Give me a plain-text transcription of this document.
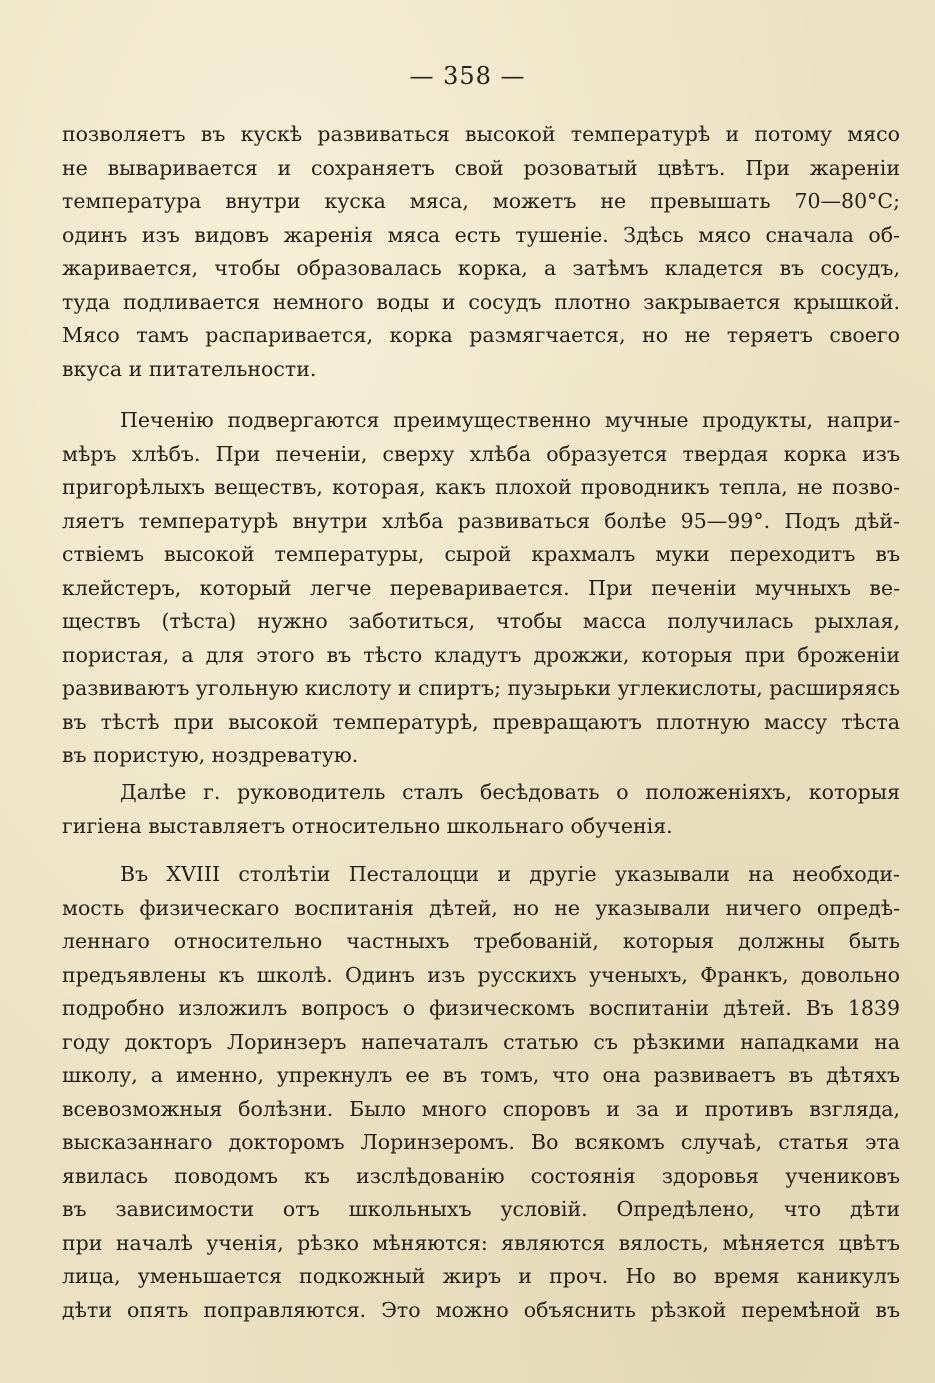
— 358 —
позволяетъ въ кускѣ развиваться высокой температурѣ и потому мясо
не вываривается и сохраняетъ свой розоватый цвѣтъ. При жареніи
температура внутри куска мяса, можетъ не превышать 70—80°С;
одинъ изъ видовъ жаренія мяса есть тушеніе. Здѣсь мясо сначала об-
жаривается, чтобы образовалась корка, а затѣмъ кладется въ сосудъ,
туда подливается немного воды и сосудъ плотно закрывается крышкой.
Мясо тамъ распаривается, корка размягчается, но не теряетъ своего
вкуса и питательности.
Печенію подвергаются преимущественно мучные продукты, напри-
мѣръ хлѣбъ. При печеніи, сверху хлѣба образуется твердая корка изъ
пригорѣлыхъ веществъ, которая, какъ плохой проводникъ тепла, не позво-
ляетъ температурѣ внутри хлѣба развиваться болѣе 95—99°. Подъ дѣй-
ствіемъ высокой температуры, сырой крахмалъ муки переходитъ въ
клейстеръ, который легче переваривается. При печеніи мучныхъ ве-
ществъ (тѣста) нужно заботиться, чтобы масса получилась рыхлая,
пористая, а для этого въ тѣсто кладутъ дрожжи, которыя при броженіи
развиваютъ угольную кислоту и спиртъ; пузырьки углекислоты, расширяясь
въ тѣстѣ при высокой температурѣ, превращаютъ плотную массу тѣста
въ пористую, ноздреватую.
Далѣе г. руководитель сталъ бесѣдовать о положеніяхъ, которыя
гигіена выставляетъ относительно школьнаго обученія.
Въ XVIII столѣтіи Песталоцци и другіе указывали на необходи-
мость физическаго воспитанія дѣтей, но не указывали ничего опредѣ-
леннаго относительно частныхъ требованій, которыя должны быть
предъявлены къ школѣ. Одинъ изъ русскихъ ученыхъ, Франкъ, довольно
подробно изложилъ вопросъ о физическомъ воспитаніи дѣтей. Въ 1839
году докторъ Лоринзеръ напечаталъ статью съ рѣзкими нападками на
школу, а именно, упрекнулъ ее въ томъ, что она развиваетъ въ дѣтяхъ
всевозможныя болѣзни. Было много споровъ и за и противъ взгляда,
высказаннаго докторомъ Лоринзеромъ. Во всякомъ случаѣ, статья эта
явилась поводомъ къ изслѣдованію состоянія здоровья учениковъ
въ зависимости отъ школьныхъ условій. Опредѣлено, что дѣти
при началѣ ученія, рѣзко мѣняются: являются вялость, мѣняется цвѣтъ
лица, уменьшается подкожный жиръ и проч. Но во время каникулъ
дѣти опять поправляются. Это можно объяснить рѣзкой перемѣной въ
